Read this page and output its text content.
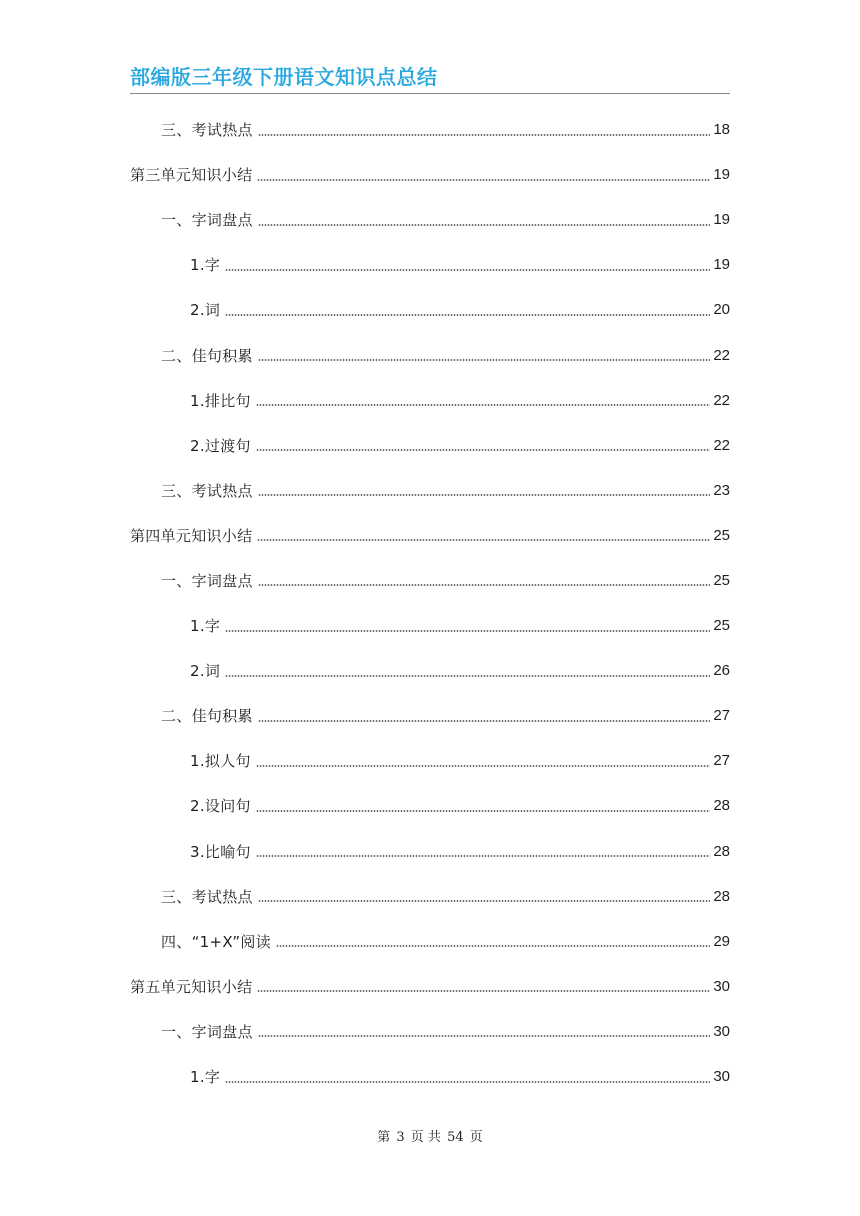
部编版三年级下册语文知识点总结
三、考试热点	18
第三单元知识小结	19
一、字词盘点	19
1.字	19
2.词	20
二、佳句积累	22
1.排比句	22
2.过渡句	22
三、考试热点	23
第四单元知识小结	25
一、字词盘点	25
1.字	25
2.词	26
二、佳句积累	27
1.拟人句	27
2.设问句	28
3.比喻句	28
三、考试热点	28
四、“1+X”阅读	29
第五单元知识小结	30
一、字词盘点	30
1.字	30
第 3 页 共 54 页
